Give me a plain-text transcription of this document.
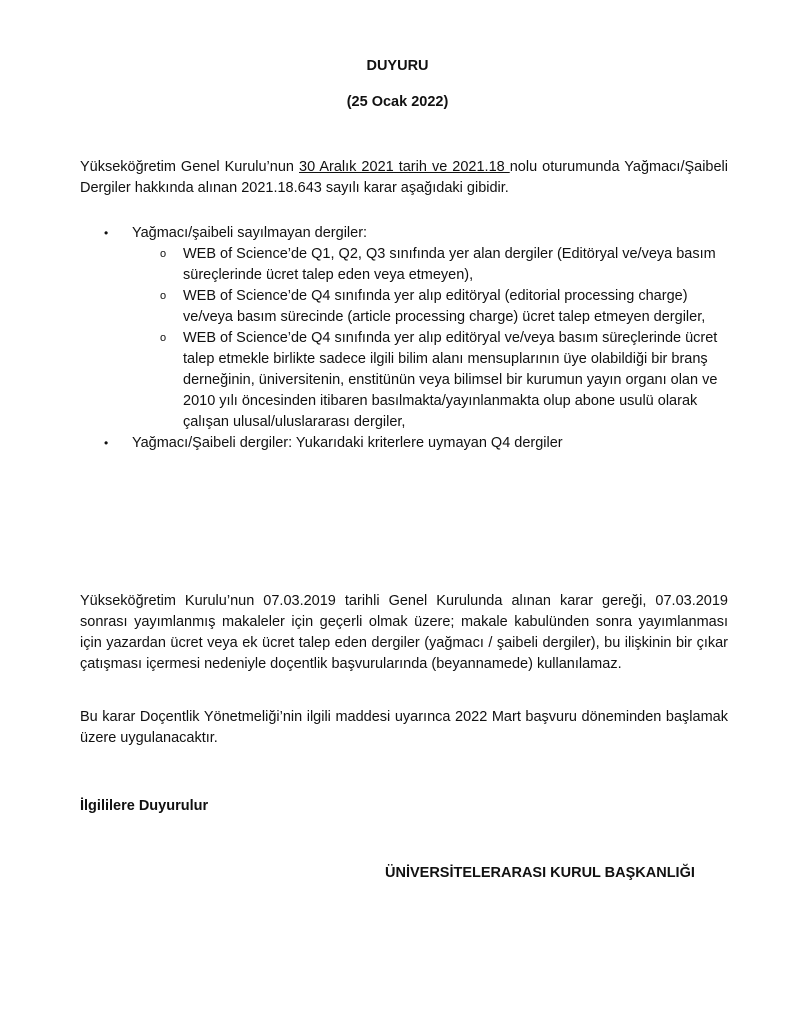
DUYURU
(25 Ocak 2022)
Yükseköğretim Genel Kurulu’nun 30 Aralık 2021 tarih ve 2021.18 nolu oturumunda Yağmacı/Şaibeli Dergiler hakkında alınan 2021.18.643 sayılı karar aşağıdaki gibidir.
• Yağmacı/şaibeli sayılmayan dergiler:
o WEB of Science’de Q1, Q2, Q3 sınıfında yer alan dergiler (Editöryal ve/veya basım süreçlerinde ücret talep eden veya etmeyen),
o WEB of Science’de Q4 sınıfında yer alıp editöryal (editorial processing charge) ve/veya basım sürecinde (article processing charge) ücret talep etmeyen dergiler,
o WEB of Science’de Q4 sınıfında yer alıp editöryal ve/veya basım süreçlerinde ücret talep etmekle birlikte sadece ilgili bilim alanı mensuplarının üye olabildiği bir branş derneğinin, üniversitenin, enstitünün veya bilimsel bir kurumun yayın organı olan ve 2010 yılı öncesinden itibaren basılmakta/yayınlanmakta olup abone usulü olarak çalışan ulusal/uluslararası dergiler,
• Yağmacı/Şaibeli dergiler: Yukarıdaki kriterlere uymayan Q4 dergiler
Yükseköğretim Kurulu’nun 07.03.2019 tarihli Genel Kurulunda alınan karar gereği, 07.03.2019 sonrası yayımlanmış makaleler için geçerli olmak üzere; makale kabulünden sonra yayımlanması için yazardan ücret veya ek ücret talep eden dergiler (yağmacı / şaibeli dergiler), bu ilişkinin bir çıkar çatışması içermesi nedeniyle doçentlik başvurularında (beyannamede) kullanılamaz.
Bu karar Doçentlik Yönetmeliği’nin ilgili maddesi uyarınca 2022 Mart başvuru döneminden başlamak üzere uygulanacaktır.
İlgililere Duyurulur
ÜNİVERSİTELERARASI KURUL BAŞKANLIĞI
